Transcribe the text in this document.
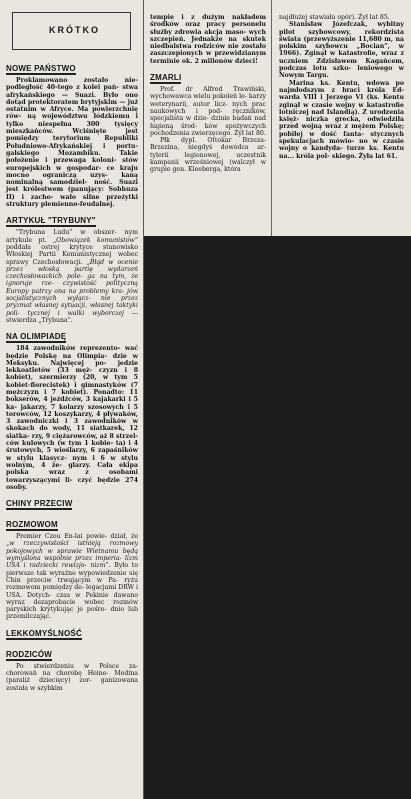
KRÓTKO
NOWE PAŃSTWO

Proklamowano zostało nie- podległość 40-tego z kolei pań- stwa afrykańskiego — Suazi. Było ono dotąd protektoratem brytyjskim — już ostatnim w Afryce. Ma powierzchnię rów- ną województwu łódzkiemu i tylko niespełna 300 tysięcy mieszkańców. Wciśnięte jest pomiędzy terytorium Republiki Południowo-Afrykańskiej i portu- galskiego Mozambiku. Takie położenie i przewaga koloni- stów europejskich w gospodar- ce kraju mocno ograniczą uzys- kaną nominalną samodziel- ność. Suazi jest królestwem (panujący: Sobhuza II) i zacho- wało silne przeżytki struktury plemienno-feudalnej.

ARTYKUŁ "TRYBUNY"

"Trybuna Ludu" w obszer- nym artykule pt. „Obowiązek komunistów” poddała ostrej krytyce stanowisko Włoskiej Partii Komunistycznej wobec sprawy Czechosłowacji. „Błąd w ocenie przez włoską partię wydarzeń czechosłowackich pole- ga na tym, że ignoruje rze- czywistość polityczną Europy patrzy ona na problemy kra- jów socjalistycznych wyłącz- nie przez pryzmat własnej sytuacji, własnej taktyki poli- tycznej i walki wyborczej — stwierdza „Trybuna”.

NA OLIMPIADĘ

184 zawodników reprezento- wać będzie Polskę na Olimpia- dzie w Meksyku. Najwięcej po- jedzie lekkoatletów (33 męż- czyzn i 8 kobiet), szermierzy (20, w tym 5 kobiet-florecistek) i gimnastyków (7 mężczyzn i 7 kobiet). Ponadto: 11 bokserów, 4 jeźdźców, 3 kajakarki i 5 ka- jakarzy, 7 kolarzy szosowych i 5 torowców, 12 koszykarzy, 4 pływaków, 3 zawodniczki i 3 zawodników w skokach do wody, 11 siatkarek, 12 siatka- rzy, 9 ciężarowców, aż 8 strzel- ców kulowych (w tym 1 kobie- ta) i 4 śrutowych, 5 wioślarzy, 6 zapaśników w stylu klasycz- nym i 6 w stylu wolnym, 4 że- glarzy. Cała ekipa polska wraz z osobami towarzyszącymi li- czyć będzie 274 osoby.

CHINY PRZECIW
ROZMOWOM

Premier Czou En-lai powie- dział, że „w rzeczywistości istnieją rozmowy pokojowych w sprawie Wietnamu będą wymyślona wspólnie przez imperia- lizm USA i radziecki rewizjo- nizm”. Było to pierwsze tak wyraźne wypowiedzenie się Chin przeciw trwającym w Pa- ryżu rozmowom pomiędzy de- legacjami DRW i USA. Dotych- czas w Pekinie dawano wyraz dezaprobacie wobec rozmów paryskich krytykując je pośre- dnio lub przemilczając.

LEKKOMYŚLNOŚĆ
RODZICÓW

Po stwierdzeniu w Polsce za- chorowań na chorobę Heine- Medina (paraliż dziecięcy) zor- ganizowana została w szybkim

tempie i z dużym nakładem środków oraz pracy personelu służby zdrowia akcja maso- wych szczepień. Jednakże na skutek niedbalstwa rodziców nie zostało zaszczepionych w przewidzianym terminie ok. 2 milionów dzieci!

ZMARLI

Prof. dr Alfred Trawiński, wychowawca wielu pokoleń le- karzy weterynarii, autor licz- nych prac naukowych i pod- ręczników, specjalista w dzie- dzinie badań nad higieną środ- ków spożywczych pochodzenia zwierzęcego. Żył lat 80.

Płk dypl. Ottokar Brzeza- Brzezina, niegdyś dowódca ar- tylerii legionowej, uczestnik kampanii wrześniowej (walczył w grupie gen. Kleeberga, która

najdłużej stawiała opór). Żył lat 85.

Stanisław Józefczak, wybitny pilot szybowcowy, rekordzista świata (przewyższenie 11,680 m, na polskim szybowcu „Bocian”, w 1966). Zginął w katastrofie, wraz z uczniem Zdzisławem Kagańcem, podczas lotu szko- leniowego w Nowym Targu.

Marina ks. Kentu, wdowa po najmłodszym z braci króla Ed- warda VIII i Jerzego VI (ks. Kentu zginął w czasie wojny w katastrofie lotniczej nad Islandią). Z urodzenia księż- niczka grecka, odwiedziła przed wojną wraz z mężem Polskę; pobiłej w dość fanta- stycznych spekulacjach mówio- no w czasie wojny o kandyda- turze ks. Kentu na... króla pol- skiego. Żyła lat 61.
